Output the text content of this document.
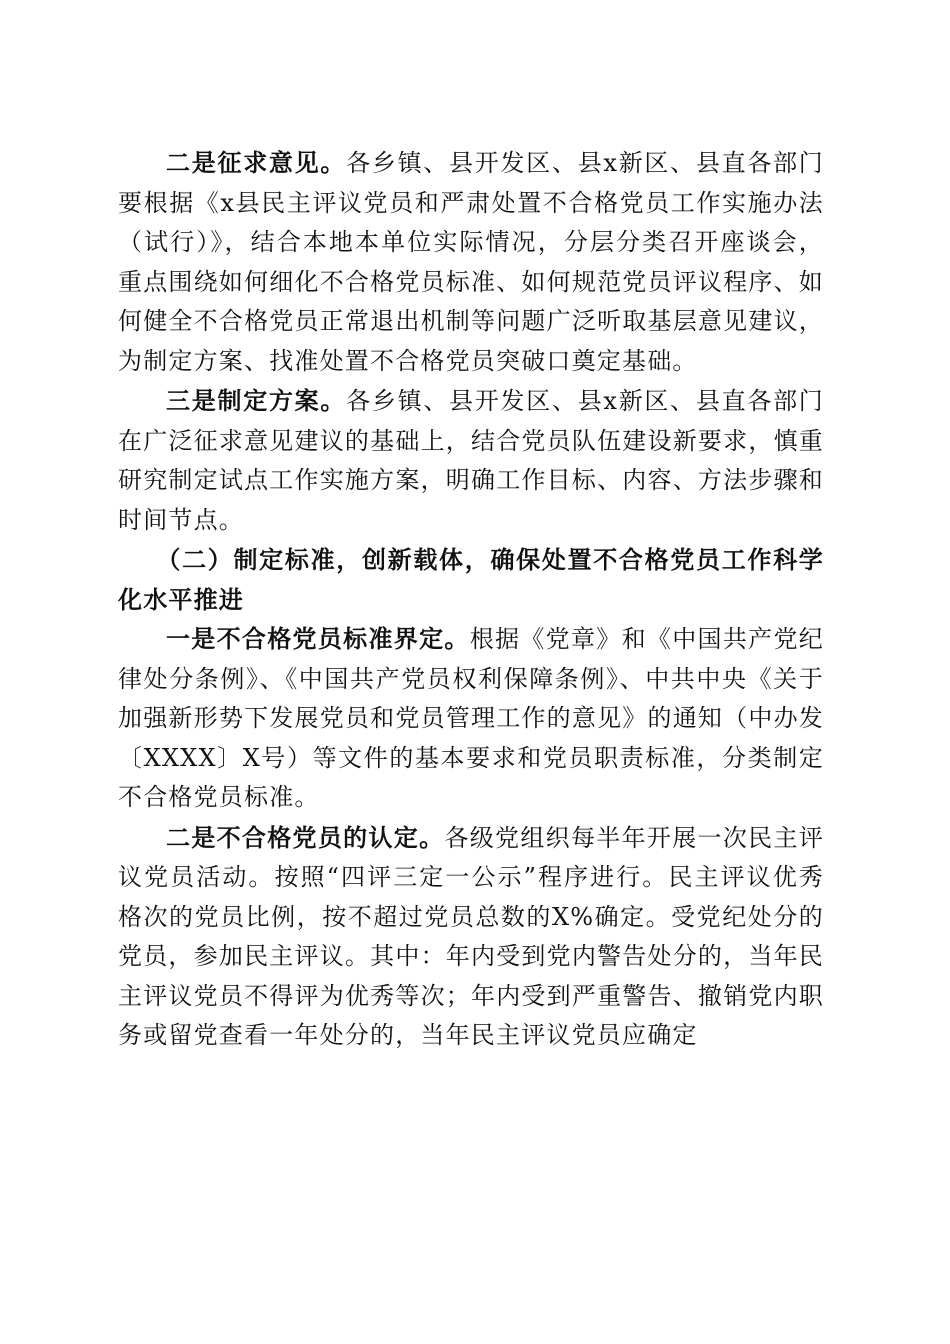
二是征求意见。各乡镇、县开发区、县x新区、县直各部门要根据《x县民主评议党员和严肃处置不合格党员工作实施办法（试行）》，结合本地本单位实际情况，分层分类召开座谈会，重点围绕如何细化不合格党员标准、如何规范党员评议程序、如何健全不合格党员正常退出机制等问题广泛听取基层意见建议，为制定方案、找准处置不合格党员突破口奠定基础。

三是制定方案。各乡镇、县开发区、县x新区、县直各部门在广泛征求意见建议的基础上，结合党员队伍建设新要求，慎重研究制定试点工作实施方案，明确工作目标、内容、方法步骤和时间节点。

（二）制定标准，创新载体，确保处置不合格党员工作科学化水平推进

一是不合格党员标准界定。根据《党章》和《中国共产党纪律处分条例》、《中国共产党员权利保障条例》、中共中央《关于加强新形势下发展党员和党员管理工作的意见》的通知（中办发〔XXXX〕X号）等文件的基本要求和党员职责标准，分类制定不合格党员标准。

二是不合格党员的认定。各级党组织每半年开展一次民主评议党员活动。按照“四评三定一公示”程序进行。民主评议优秀格次的党员比例，按不超过党员总数的X%确定。受党纪处分的党员，参加民主评议。其中：年内受到党内警告处分的，当年民主评议党员不得评为优秀等次；年内受到严重警告、撤销党内职务或留党查看一年处分的，当年民主评议党员应确定
